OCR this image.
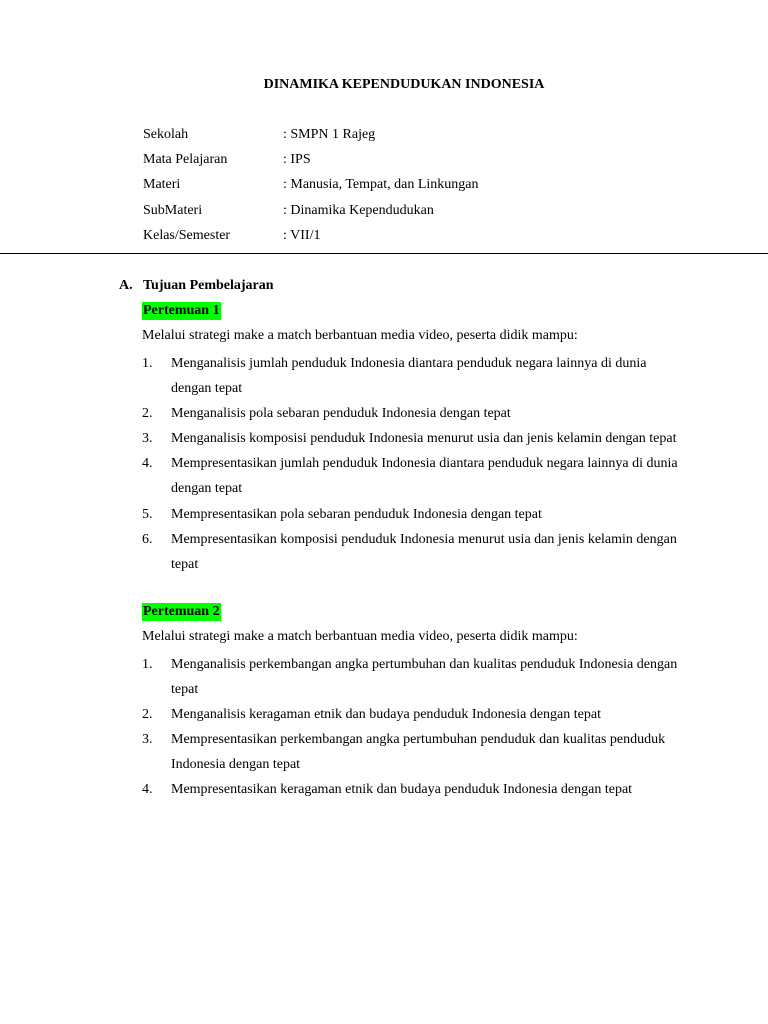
DINAMIKA KEPENDUDUKAN INDONESIA
Sekolah	: SMPN 1 Rajeg
Mata Pelajaran	: IPS
Materi	: Manusia, Tempat, dan Linkungan
SubMateri	: Dinamika Kependudukan
Kelas/Semester	: VII/1
A. Tujuan Pembelajaran
Pertemuan 1
Melalui strategi make a match berbantuan media video, peserta didik mampu:
1.	Menganalisis jumlah penduduk Indonesia diantara penduduk negara lainnya di dunia dengan tepat
2.	Menganalisis pola sebaran penduduk Indonesia dengan tepat
3.	Menganalisis komposisi penduduk Indonesia menurut usia dan jenis kelamin dengan tepat
4.	Mempresentasikan jumlah penduduk Indonesia diantara penduduk negara lainnya di dunia dengan tepat
5.	Mempresentasikan pola sebaran penduduk Indonesia dengan tepat
6.	Mempresentasikan komposisi penduduk Indonesia menurut usia dan jenis kelamin dengan tepat
Pertemuan 2
Melalui strategi make a match berbantuan media video, peserta didik mampu:
1.	Menganalisis perkembangan angka pertumbuhan dan kualitas penduduk Indonesia dengan tepat
2.	Menganalisis keragaman etnik dan budaya penduduk Indonesia dengan tepat
3.	Mempresentasikan perkembangan angka pertumbuhan penduduk dan kualitas penduduk Indonesia dengan tepat
4.	Mempresentasikan keragaman etnik dan budaya penduduk Indonesia dengan tepat
